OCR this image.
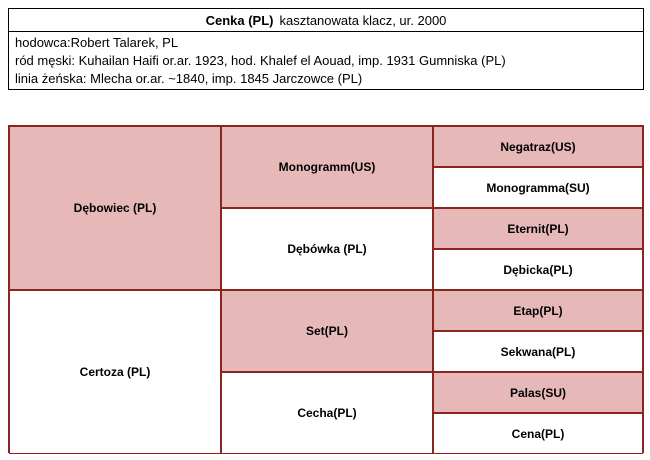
Cenka (PL) kasztanowata klacz, ur. 2000
hodowca:Robert Talarek, PL
ród męski: Kuhailan Haifi or.ar. 1923, hod. Khalef el Aouad, imp. 1931 Gumniska (PL)
linia żeńska: Mlecha or.ar. ~1840, imp. 1845 Jarczowce (PL)
Dębowiec (PL)
Certoza (PL)
Monogramm(US)
Dębówka (PL)
Set(PL)
Cecha(PL)
Negatraz(US)
Monogramma(SU)
Eternit(PL)
Dębicka(PL)
Etap(PL)
Sekwana(PL)
Palas(SU)
Cena(PL)
